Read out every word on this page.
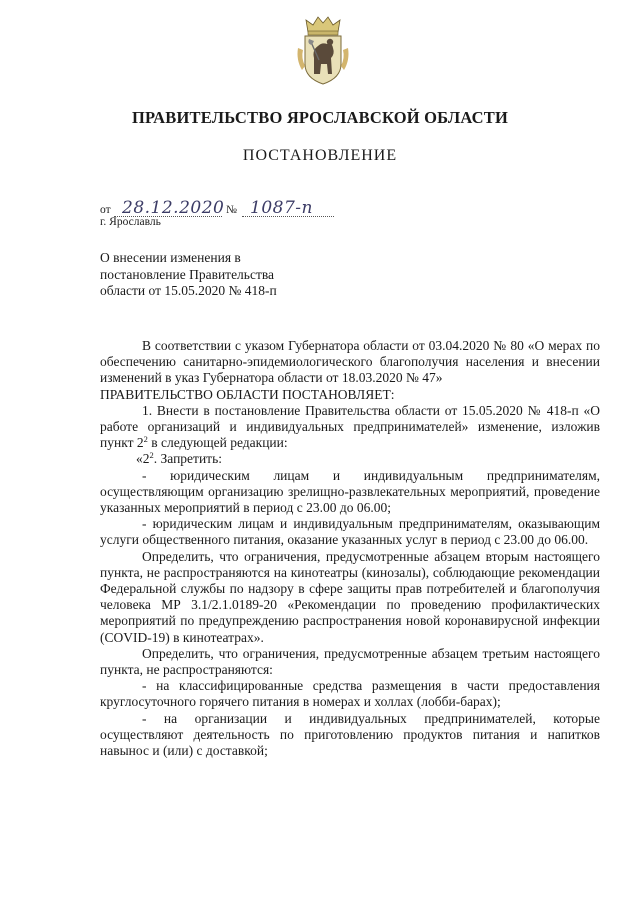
ПРАВИТЕЛЬСТВО ЯРОСЛАВСКОЙ ОБЛАСТИ
ПОСТАНОВЛЕНИЕ
от 28.12.2020 № 1087-п
г. Ярославль
О внесении изменения в
постановление Правительства
области от 15.05.2020 № 418-п

В соответствии с указом Губернатора области от 03.04.2020 № 80 «О мерах по обеспечению санитарно-эпидемиологического благополучия населения и внесении изменений в указ Губернатора области от 18.03.2020 № 47»

ПРАВИТЕЛЬСТВО ОБЛАСТИ ПОСТАНОВЛЯЕТ:

1. Внести в постановление Правительства области от 15.05.2020 № 418-п «О работе организаций и индивидуальных предпринимателей» изменение, изложив пункт $2^2$ в следующей редакции:

«$2^2$. Запретить:

- юридическим лицам и индивидуальным предпринимателям, осуществляющим организацию зрелищно-развлекательных мероприятий, проведение указанных мероприятий в период с 23.00 до 06.00;

- юридическим лицам и индивидуальным предпринимателям, оказывающим услуги общественного питания, оказание указанных услуг в период с 23.00 до 06.00.

Определить, что ограничения, предусмотренные абзацем вторым настоящего пункта, не распространяются на кинотеатры (кинозалы), соблюдающие рекомендации Федеральной службы по надзору в сфере защиты прав потребителей и благополучия человека МР 3.1/2.1.0189-20 «Рекомендации по проведению профилактических мероприятий по предупреждению распространения новой коронавирусной инфекции (COVID-19) в кинотеатрах».

Определить, что ограничения, предусмотренные абзацем третьим настоящего пункта, не распространяются:

- на классифицированные средства размещения в части предоставления круглосуточного горячего питания в номерах и холлах (лобби-барах);

- на организации и индивидуальных предпринимателей, которые осуществляют деятельность по приготовлению продуктов питания и напитков навынос и (или) с доставкой;
